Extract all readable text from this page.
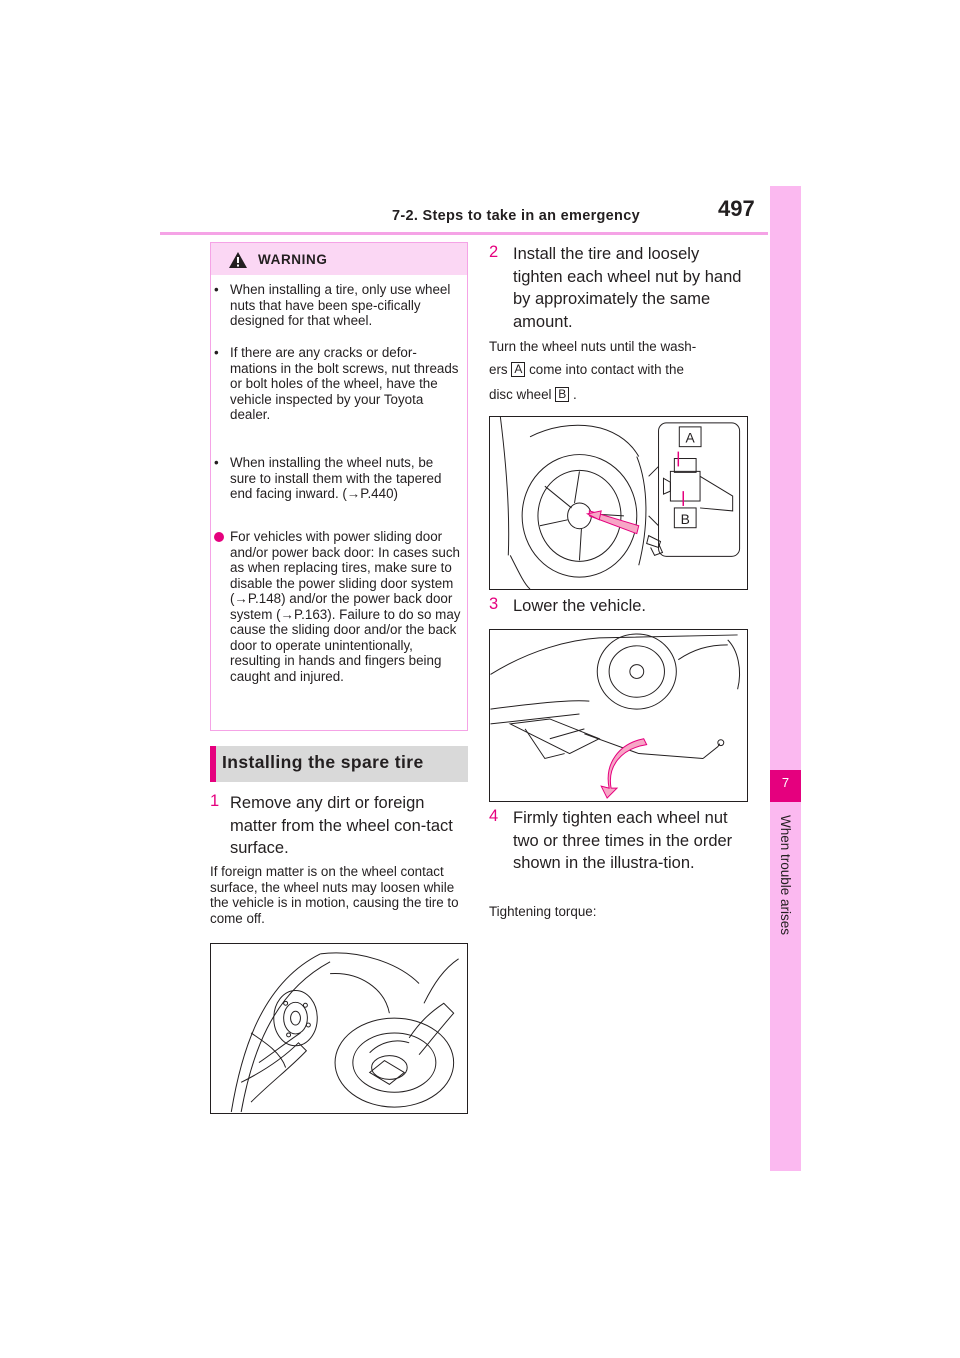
7-2. Steps to take in an emergency	497
7
When trouble arises
WARNING
• When installing a tire, only use wheel nuts that have been spe-cifically designed for that wheel.
• If there are any cracks or defor-mations in the bolt screws, nut threads or bolt holes of the wheel, have the vehicle inspected by your Toyota dealer.
• When installing the wheel nuts, be sure to install them with the tapered end facing inward. (→P.440)
For vehicles with power sliding door and/or power back door: In cases such as when replacing tires, make sure to disable the power sliding door system (→P.148) and/or the power back door system (→P.163). Failure to do so may cause the sliding door and/or the back door to operate unintentionally, resulting in hands and fingers being caught and injured.
Installing the spare tire
1 Remove any dirt or foreign matter from the wheel con-tact surface.
If foreign matter is on the wheel contact surface, the wheel nuts may loosen while the vehicle is in motion, causing the tire to come off.
2 Install the tire and loosely tighten each wheel nut by hand by approximately the same amount.
Turn the wheel nuts until the wash-
ers A come into contact with the
disc wheel B .
A
B
3 Lower the vehicle.
4 Firmly tighten each wheel nut two or three times in the order shown in the illustra-tion.
Tightening torque:
